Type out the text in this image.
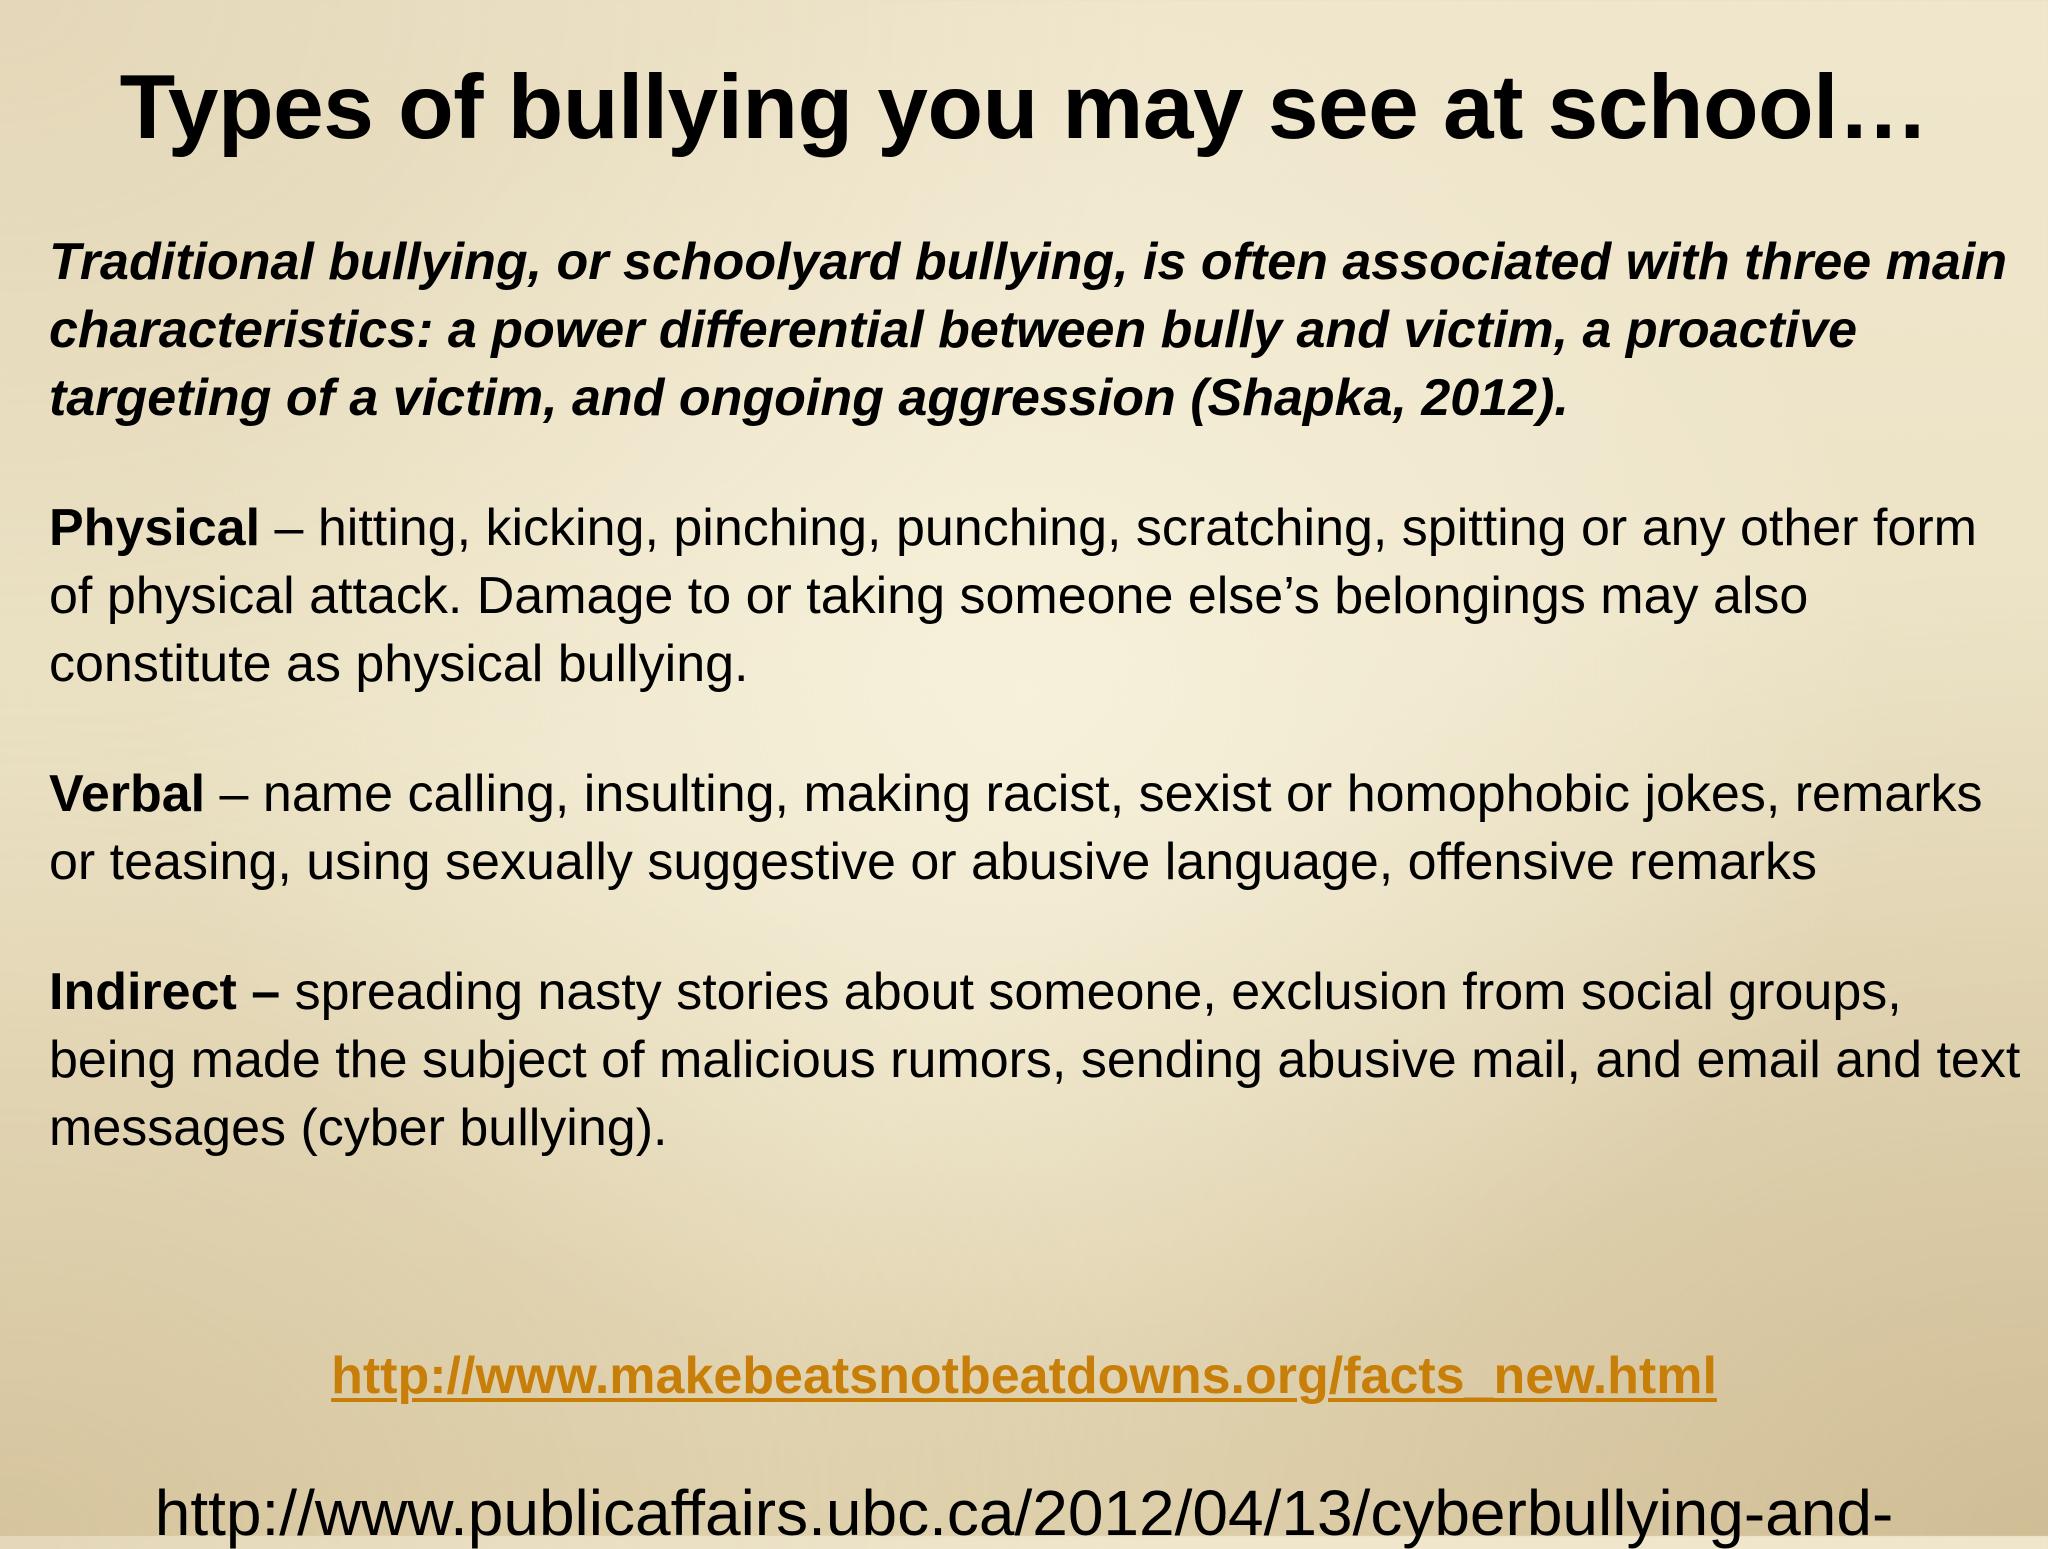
Types of bullying you may see at school…

Traditional bullying, or schoolyard bullying, is often associated with three main characteristics: a power differential between bully and victim, a proactive targeting of a victim, and ongoing aggression (Shapka, 2012).

Physical – hitting, kicking, pinching, punching, scratching, spitting or any other form of physical attack. Damage to or taking someone else’s belongings may also constitute as physical bullying.

Verbal – name calling, insulting, making racist, sexist or homophobic jokes, remarks or teasing, using sexually suggestive or abusive language, offensive remarks

Indirect – spreading nasty stories about someone, exclusion from social groups, being made the subject of malicious rumors, sending abusive mail, and email and text messages (cyber bullying).

http://www.makebeatsnotbeatdowns.org/facts_new.html
http://www.publicaffairs.ubc.ca/2012/04/13/cyberbullying-and-
